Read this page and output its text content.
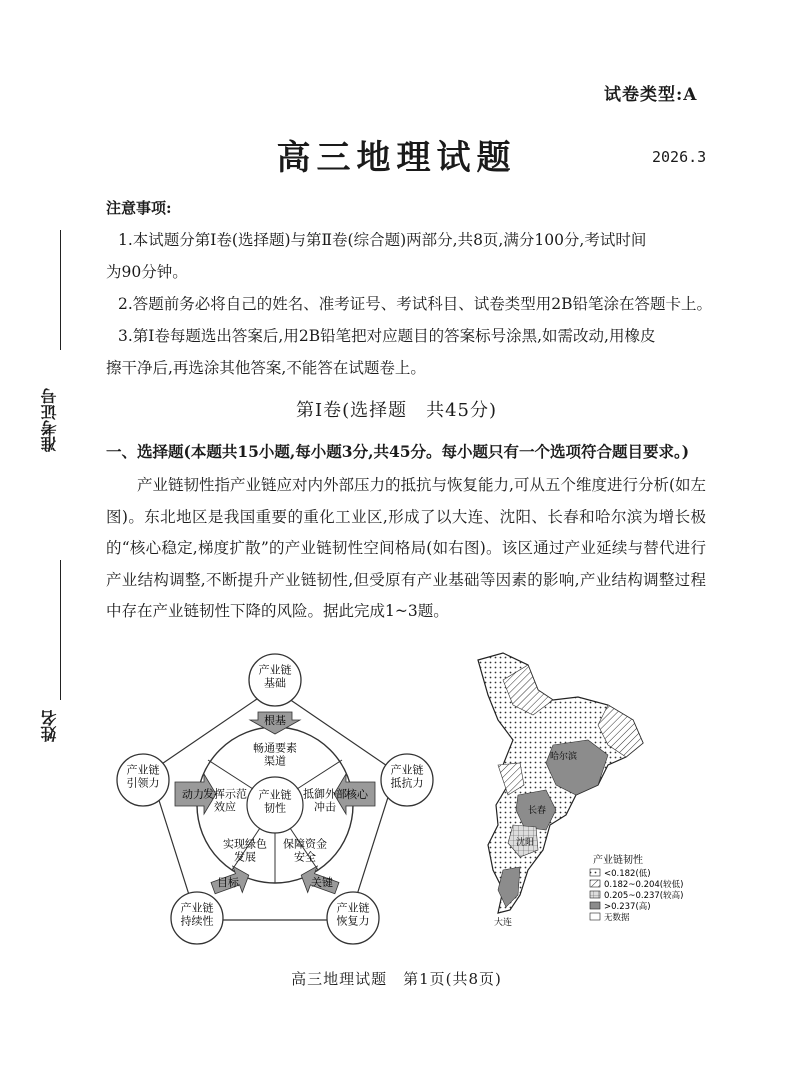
试卷类型:A
高三地理试题	2026.3
准考证号
姓名
注意事项:
1.本试题分第Ⅰ卷(选择题)与第Ⅱ卷(综合题)两部分,共8页,满分100分,考试时间
为90分钟。
2.答题前务必将自己的姓名、准考证号、考试科目、试卷类型用2B铅笔涂在答题卡上。
3.第Ⅰ卷每题选出答案后,用2B铅笔把对应题目的答案标号涂黑,如需改动,用橡皮
擦干净后,再选涂其他答案,不能答在试题卷上。
第Ⅰ卷(选择题　共45分)
一、选择题(本题共15小题,每小题3分,共45分。每小题只有一个选项符合题目要求。)
产业链韧性指产业链应对内外部压力的抵抗与恢复能力,可从五个维度进行分析(如左图)。东北地区是我国重要的重化工业区,形成了以大连、沈阳、长春和哈尔滨为增长极的“核心稳定,梯度扩散”的产业链韧性空间格局(如右图)。该区通过产业延续与替代进行产业结构调整,不断提升产业链韧性,但受原有产业基础等因素的影响,产业结构调整过程中存在产业链韧性下降的风险。据此完成1~3题。
根基
动力	核心
目标	关键
产业链基础
产业链引领力
产业链抵抗力
产业链持续性
产业链恢复力
产业链韧性
畅通要素渠道
发挥示范效应
抵御外部冲击
实现绿色发展
保障资金安全
哈尔滨
长春
沈阳
大连
产业链韧性
<0.182(低)
0.182~0.204(较低)
0.205~0.237(较高)
>0.237(高)
无数据
高三地理试题　第1页(共8页)
